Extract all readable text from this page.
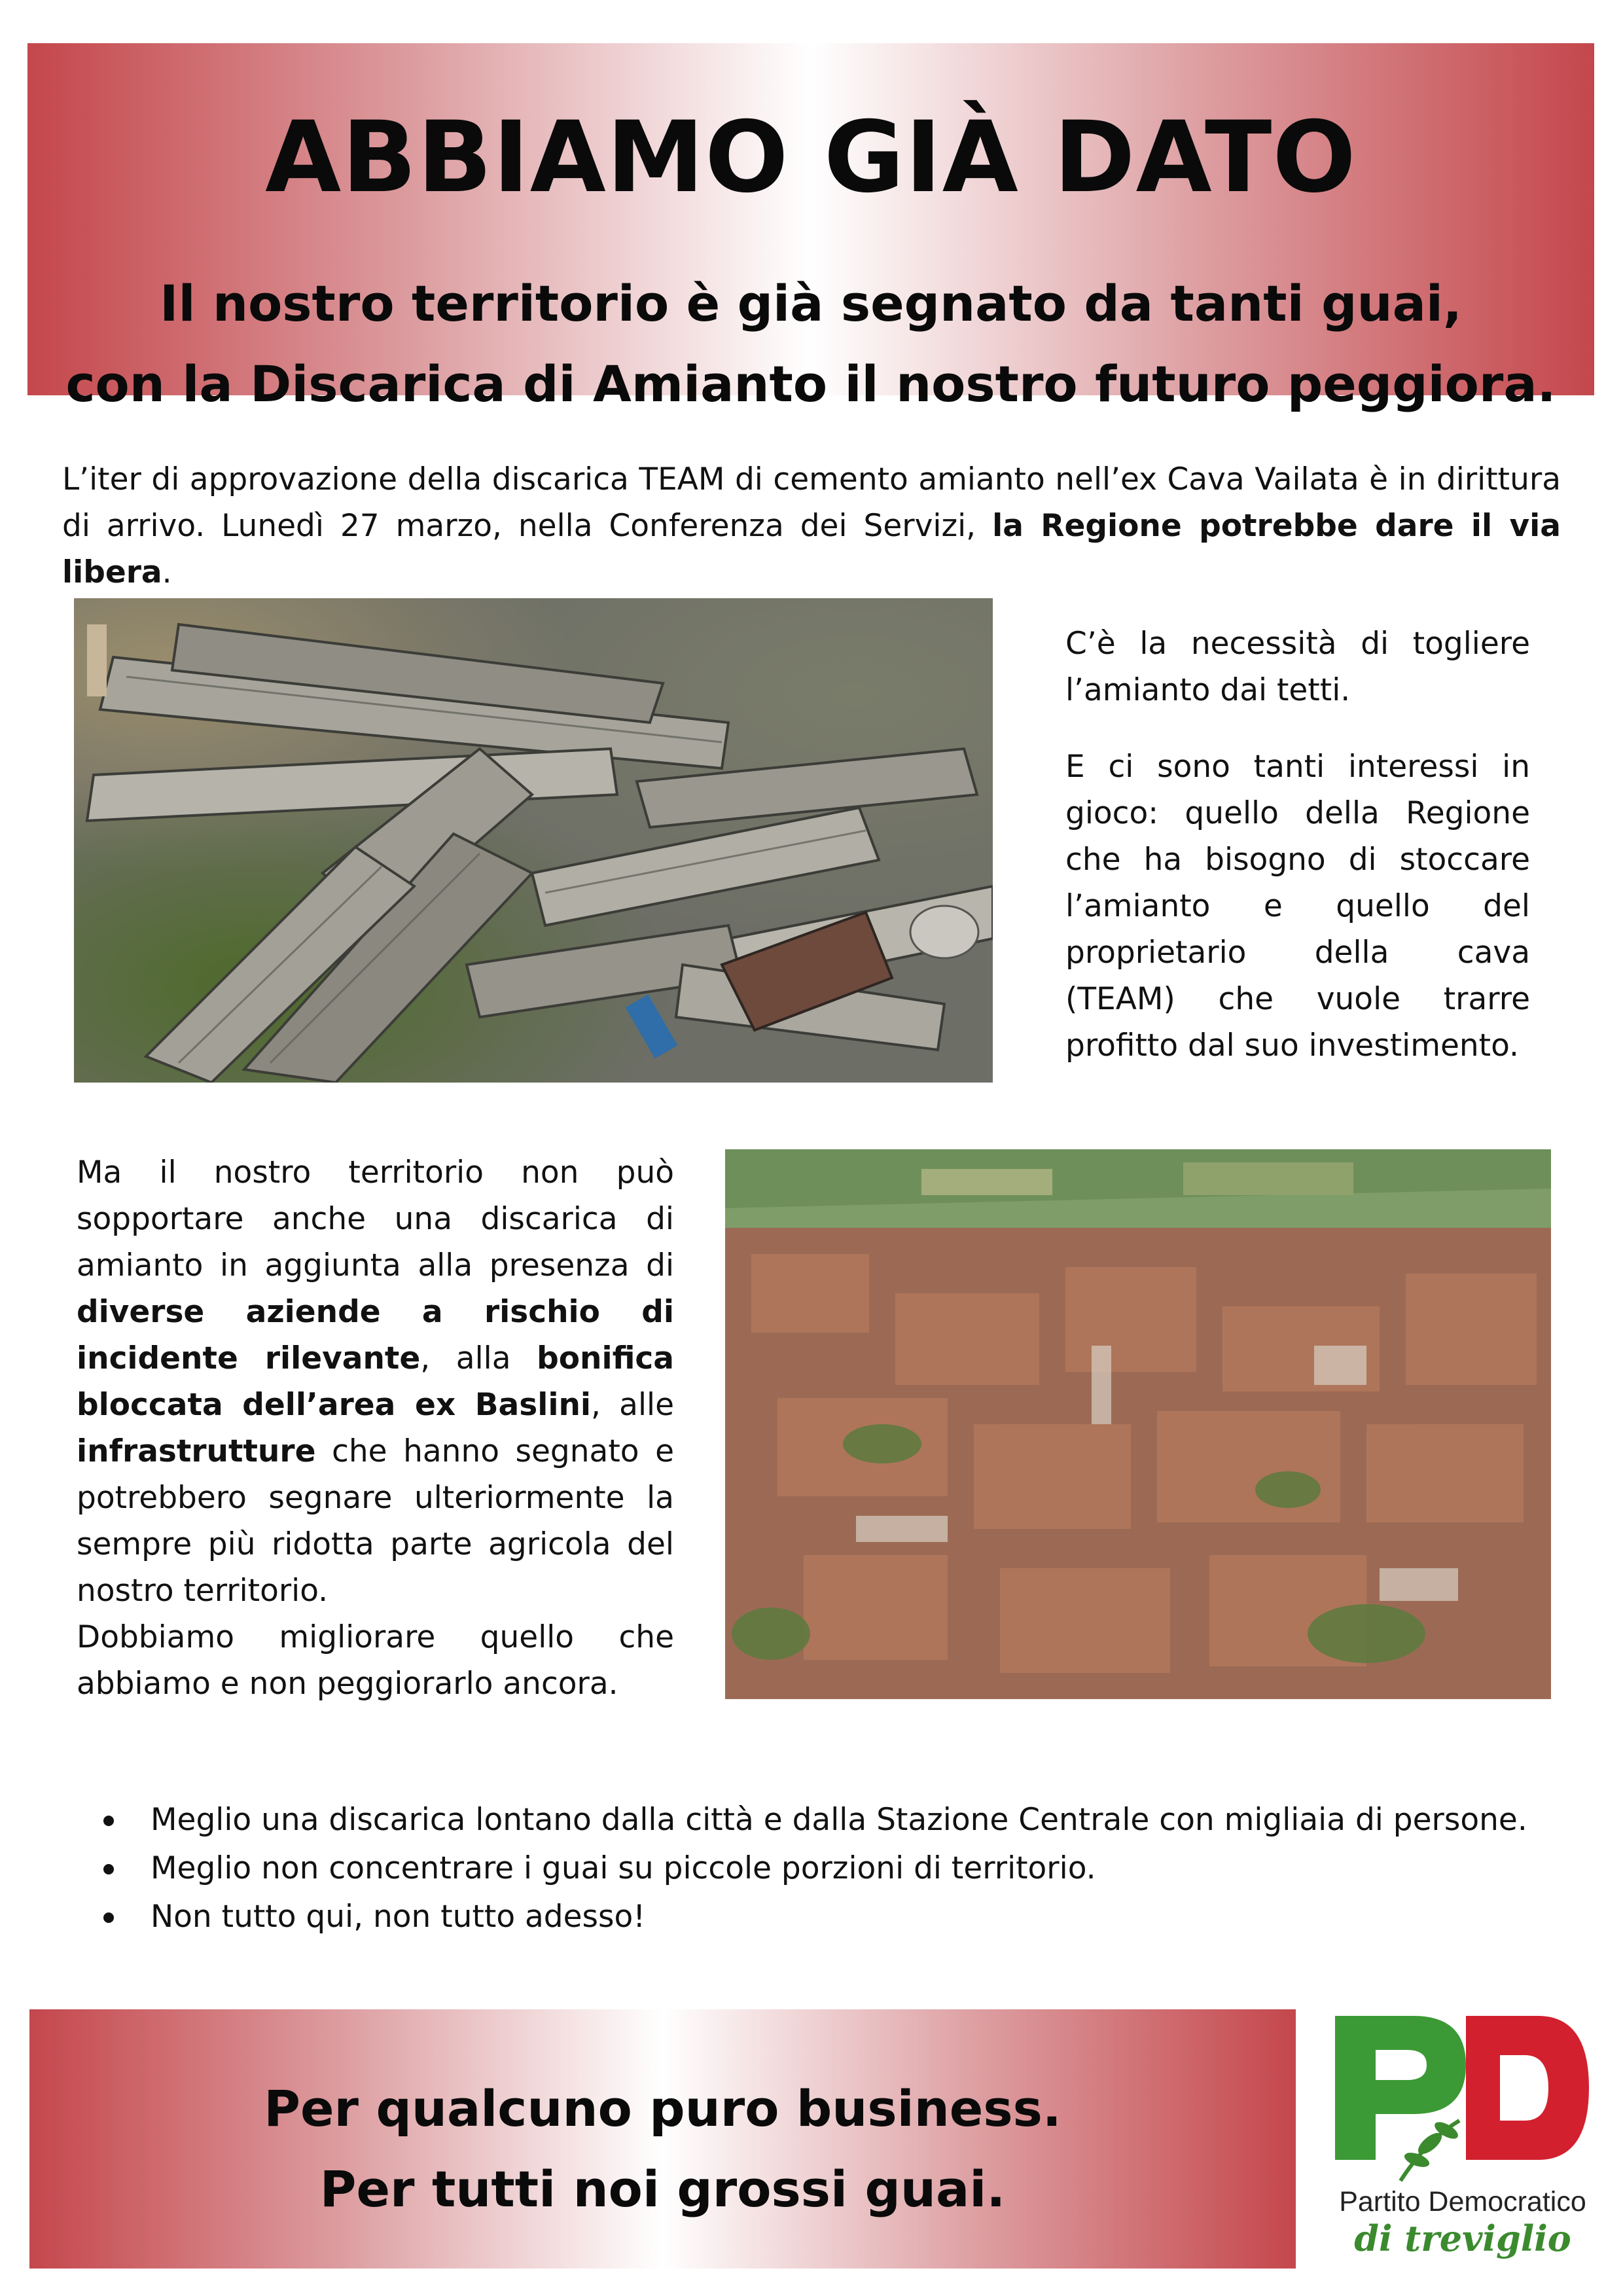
ABBIAMO GIÀ DATO
Il nostro territorio è già segnato da tanti guai,
con la Discarica di Amianto il nostro futuro peggiora.
L’iter di approvazione della discarica TEAM di cemento amianto nell’ex Cava Vailata è in dirittura di arrivo. Lunedì 27 marzo, nella Conferenza dei Servizi, la Regione potrebbe dare il via libera.

C’è la necessità di togliere l’amianto dai tetti.

E ci sono tanti interessi in gioco: quello della Regione che ha bisogno di stoccare l’amianto e quello del proprietario della cava (TEAM) che vuole trarre profitto dal suo investimento.

Ma il nostro territorio non può sopportare anche una discarica di amianto in aggiunta alla presenza di diverse aziende a rischio di incidente rilevante, alla bonifica bloccata dell’area ex Baslini, alle infrastrutture che hanno segnato e potrebbero segnare ulteriormente la sempre più ridotta parte agricola del nostro territorio.
Dobbiamo migliorare quello che abbiamo e non peggiorarlo ancora.
Meglio una discarica lontano dalla città e dalla Stazione Centrale con migliaia di persone.
Meglio non concentrare i guai su piccole porzioni di territorio.
Non tutto qui, non tutto adesso!
Per qualcuno puro business.
Per tutti noi grossi guai.	Partito Democratico
di treviglio
